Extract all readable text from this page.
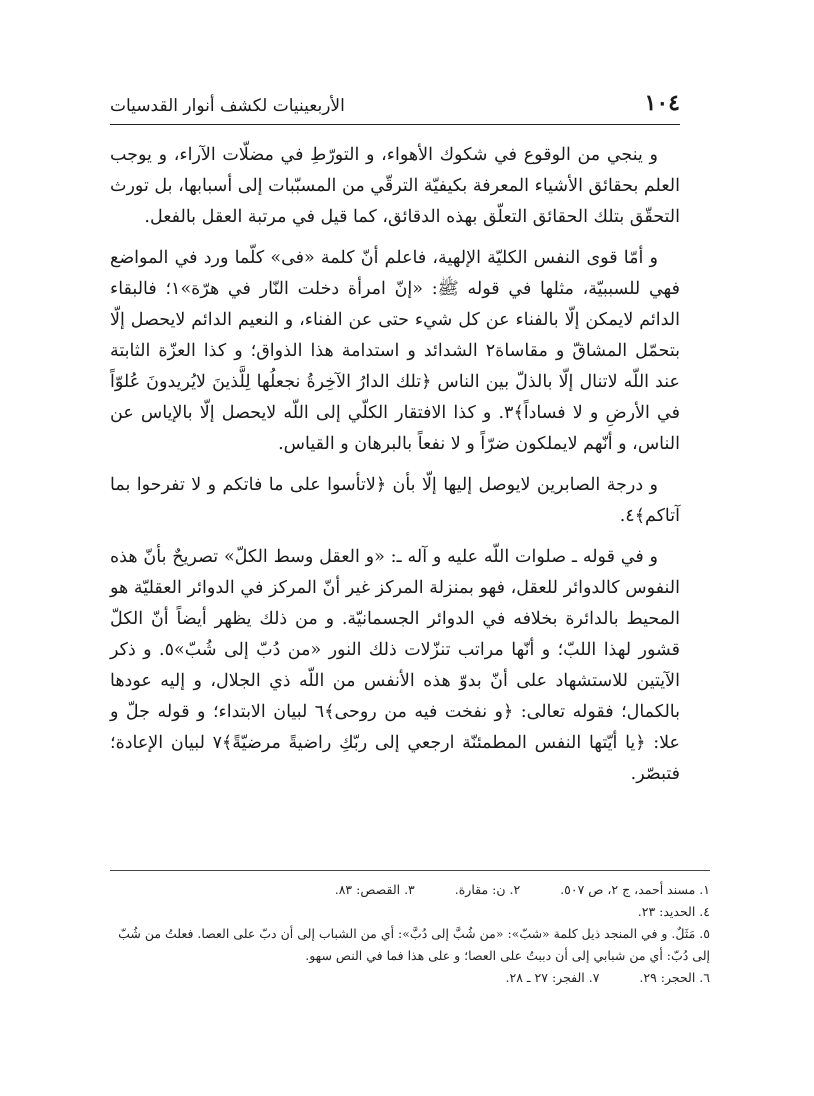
١٠٤
الأربعينيات لكشف أنوار القدسيات

و ينجي من الوقوع في شكوك الأهواء، و التورّطِ في مضلّات الآراء، و يوجب العلم بحقائق الأشياء المعرفة بكيفيّة الترقّي من المسبّبات إلى أسبابها، بل تورث التحقّق بتلك الحقائق التعلّق بهذه الدقائق، كما قيل في مرتبة العقل بالفعل.

و أمّا قوى النفس الكليّة الإلهية، فاعلم أنّ كلمة «فى» كلّما ورد في المواضع فهي للسببيّة، مثلها في قوله ﷺ: «إنّ امرأة دخلت النّار في هرّة»١؛ فالبقاء الدائم لايمكن إلّا بالفناء عن كل شيء حتى عن الفناء، و النعيم الدائم لايحصل إلّا بتحمّل المشاقّ و مقاساة٢ الشدائد و استدامة هذا الذواق؛ و كذا العزّة الثابتة عند اللّه لاتنال إلّا بالذلّ بين الناس ﴿تلك الدارُ الآخِرةُ نجعلُها لِلَّذينَ لايُريدونَ عُلوّاً في الأرضِ و لا فساداً﴾٣. و كذا الافتقار الكلّي إلى اللّه لايحصل إلّا بالإياس عن الناس، و أنّهم لايملكون ضرّاً و لا نفعاً بالبرهان و القياس.

و درجة الصابرين لايوصل إليها إلّا بأن ﴿لاتأسوا على ما فاتكم و لا تفرحوا بما آتاكم﴾٤.

و في قوله ـ صلوات اللّه عليه و آله ـ: «و العقل وسط الكلّ» تصريحٌ بأنّ هذه النفوس كالدوائر للعقل، فهو بمنزلة المركز غير أنّ المركز في الدوائر العقليّة هو المحيط بالدائرة بخلافه في الدوائر الجسمانيّة. و من ذلك يظهر أيضاً أنّ الكلّ قشور لهذا اللبّ؛ و أنّها مراتب تنزّلات ذلك النور «من دُبّ إلى شُبّ»٥. و ذكر الآيتين للاستشهاد على أنّ بدوّ هذه الأنفس من اللّه ذي الجلال، و إليه عودها بالكمال؛ فقوله تعالى: ﴿و نفخت فيه من روحى﴾٦ لبيان الابتداء؛ و قوله جلّ و علا: ﴿يا أيّتها النفس المطمئنّة ارجعي إلى ربّكِ راضيةً مرضيّةً﴾٧ لبيان الإعادة؛ فتبصّر.

١. مسند أحمد، ج ٢، ص ٥٠٧.
٢. ن: مقارة.
٣. القصص: ٨٣.
٤. الحديد: ٢٣.
٥. مَثَلٌ. و في المنجد ذيل كلمة «شبّ»: «من شُبَّ إلى دُبَّ»: أي من الشباب إلى أن دبّ على العصا. فعلتُ من شُبّ إلى دُبّ: أي من شبابي إلى أن دببتُ على العصا؛ و على هذا فما في النص سهو.
٦. الحجر: ٢٩.
٧. الفجر: ٢٧ ـ ٢٨.
